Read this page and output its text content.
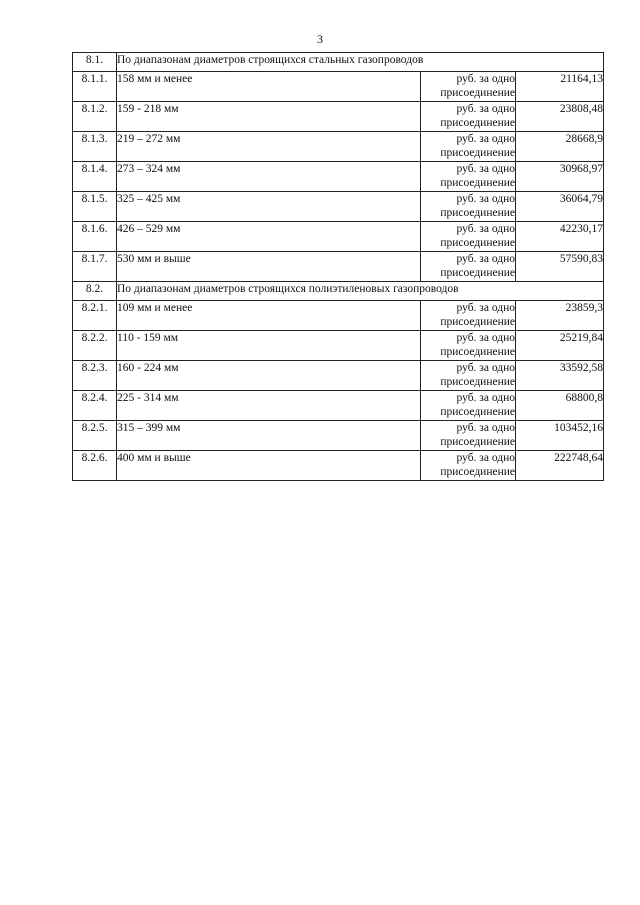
3
8.1.	По диапазонам диаметров строящихся стальных газопроводов		
8.1.1.	158 мм и менее	руб. за одно
присоединение	21164,13
8.1.2.	159 - 218 мм	руб. за одно
присоединение	23808,48
8.1.3.	219 – 272 мм	руб. за одно
присоединение	28668,9
8.1.4.	273 – 324 мм	руб. за одно
присоединение	30968,97
8.1.5.	325 – 425 мм	руб. за одно
присоединение	36064,79
8.1.6.	426 – 529 мм	руб. за одно
присоединение	42230,17
8.1.7.	530 мм и выше	руб. за одно
присоединение	57590,83
8.2.	По диапазонам диаметров строящихся полиэтиленовых газопроводов		
8.2.1.	109 мм и менее	руб. за одно
присоединение	23859,3
8.2.2.	110 - 159 мм	руб. за одно
присоединение	25219,84
8.2.3.	160 - 224 мм	руб. за одно
присоединение	33592,58
8.2.4.	225 - 314 мм	руб. за одно
присоединение	68800,8
8.2.5.	315 – 399 мм	руб. за одно
присоединение	103452,16
8.2.6.	400 мм и выше	руб. за одно
присоединение	222748,64
